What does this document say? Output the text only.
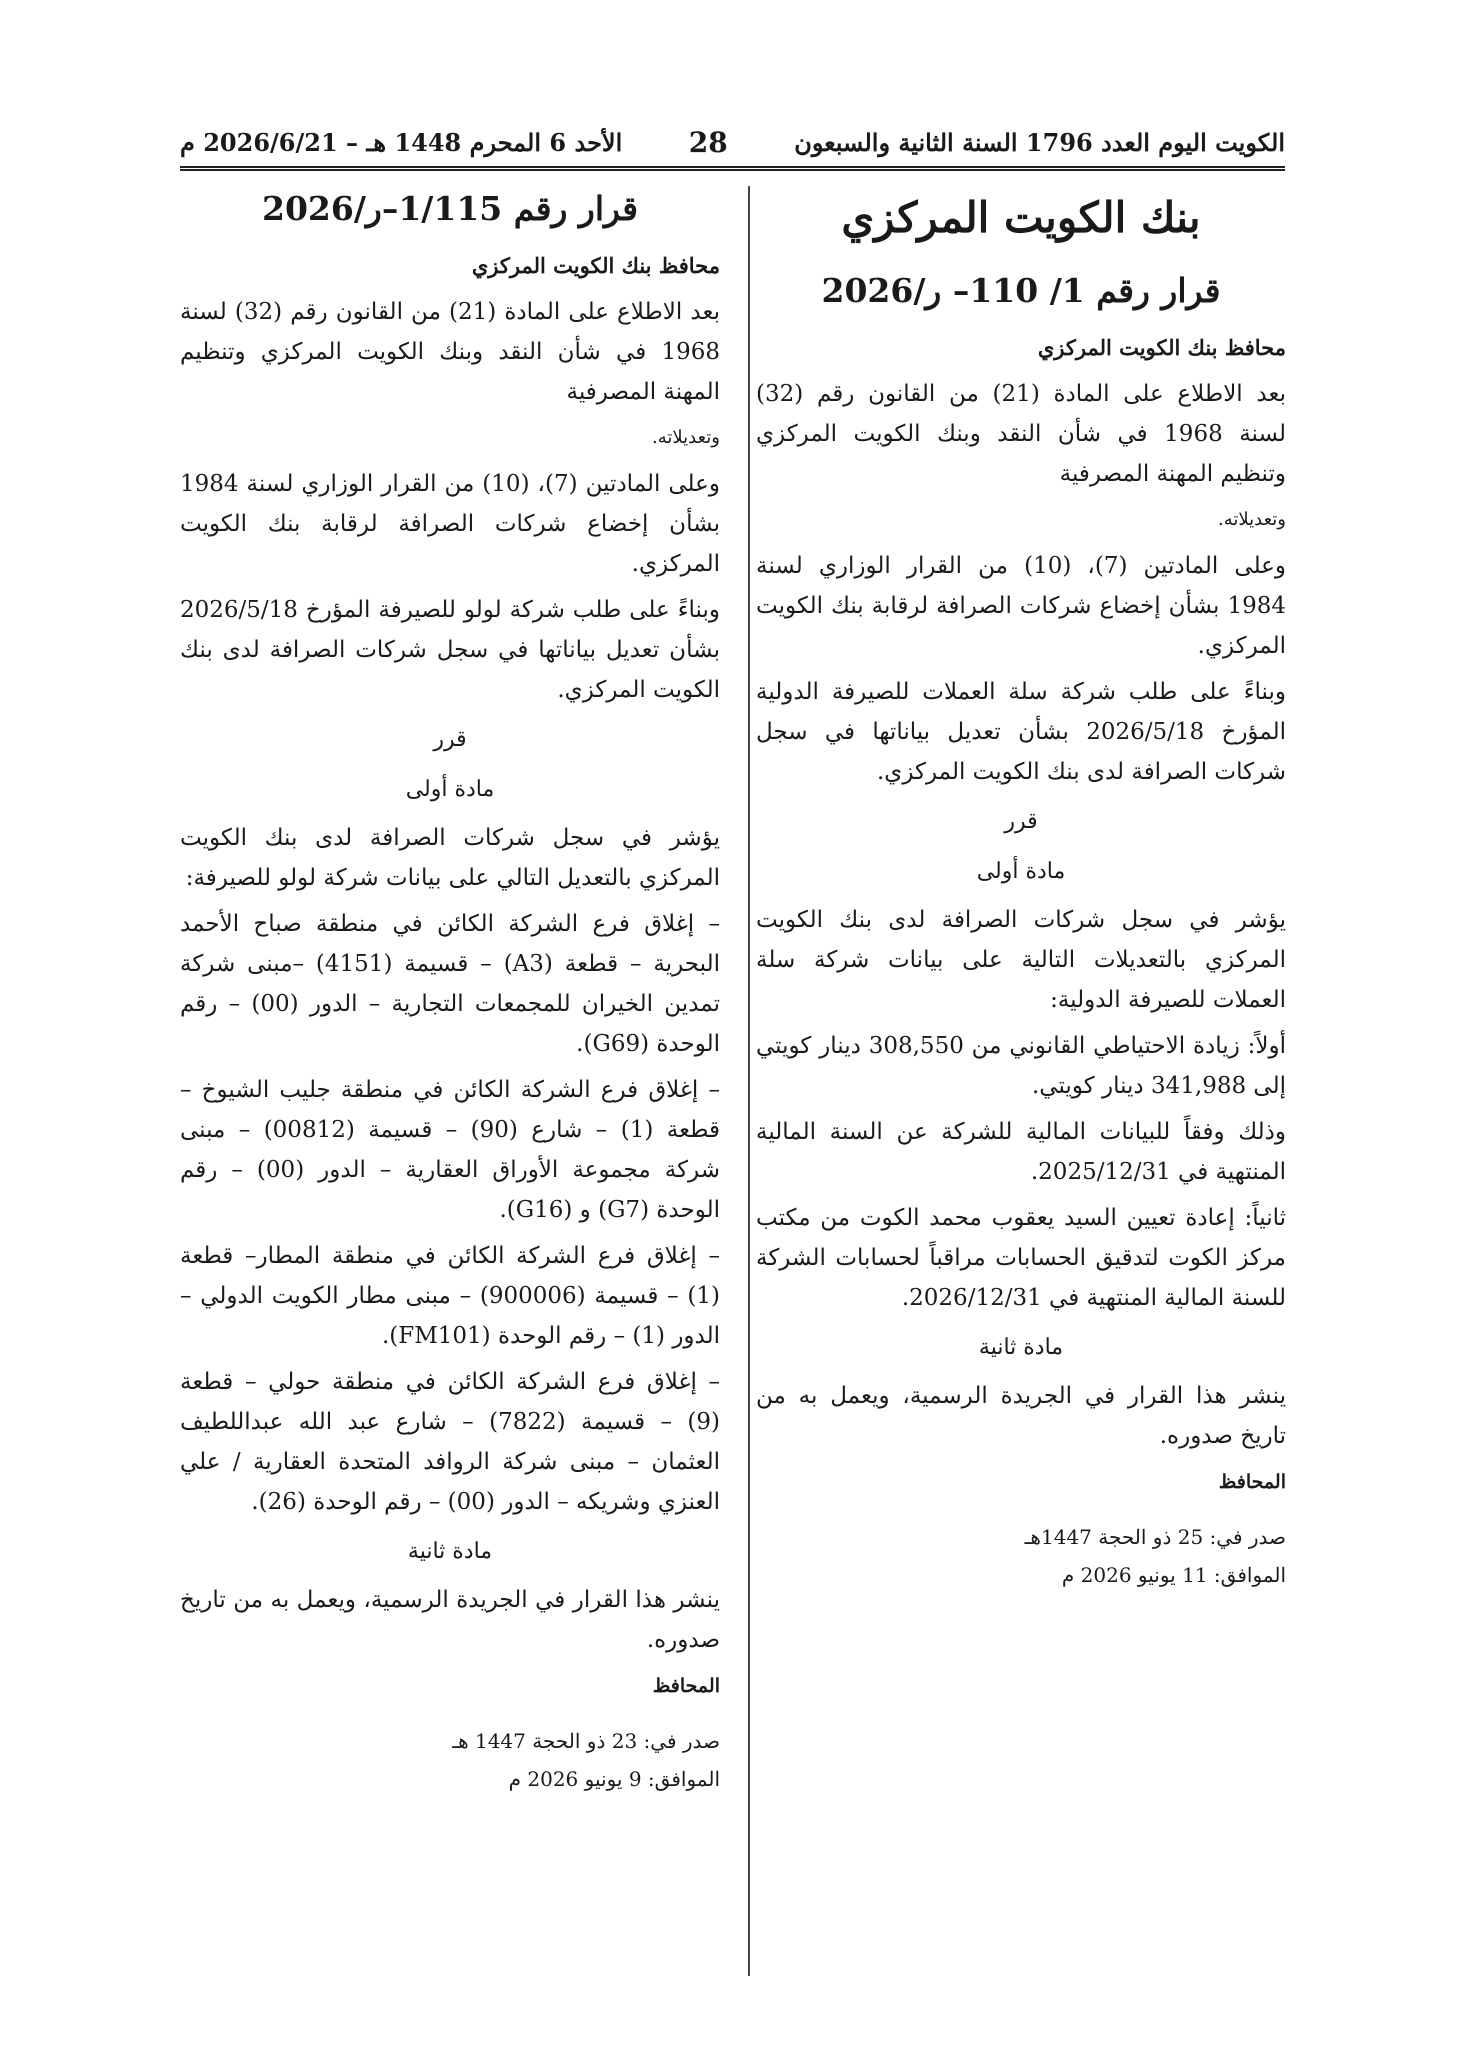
الكويت اليوم العدد 1796 السنة الثانية والسبعون
28
الأحد 6 المحرم 1448 هـ – 2026/6/21 م
بنك الكويت المركزي
قرار رقم 1/ 110– ر/2026

محافظ بنك الكويت المركزي

بعد الاطلاع على المادة (21) من القانون رقم (32) لسنة 1968 في شأن النقد وبنك الكويت المركزي وتنظيم المهنة المصرفية

وتعديلاته.

وعلى المادتين (7)، (10) من القرار الوزاري لسنة 1984 بشأن إخضاع شركات الصرافة لرقابة بنك الكويت المركزي.

وبناءً على طلب شركة سلة العملات للصيرفة الدولية المؤرخ 2026/5/18 بشأن تعديل بياناتها في سجل شركات الصرافة لدى بنك الكويت المركزي.

قرر
مادة أولى

يؤشر في سجل شركات الصرافة لدى بنك الكويت المركزي بالتعديلات التالية على بيانات شركة سلة العملات للصيرفة الدولية:

أولاً: زيادة الاحتياطي القانوني من 308,550 دينار كويتي إلى 341,988 دينار كويتي.

وذلك وفقاً للبيانات المالية للشركة عن السنة المالية المنتهية في 2025/12/31.

ثانياً: إعادة تعيين السيد يعقوب محمد الكوت من مكتب مركز الكوت لتدقيق الحسابات مراقباً لحسابات الشركة للسنة المالية المنتهية في 2026/12/31.

مادة ثانية

ينشر هذا القرار في الجريدة الرسمية، ويعمل به من تاريخ صدوره.

المحافظ

صدر في: 25 ذو الحجة 1447هـ

الموافق: 11 يونيو 2026 م

قرار رقم 1/115–ر/2026

محافظ بنك الكويت المركزي

بعد الاطلاع على المادة (21) من القانون رقم (32) لسنة 1968 في شأن النقد وبنك الكويت المركزي وتنظيم المهنة المصرفية

وتعديلاته.

وعلى المادتين (7)، (10) من القرار الوزاري لسنة 1984 بشأن إخضاع شركات الصرافة لرقابة بنك الكويت المركزي.

وبناءً على طلب شركة لولو للصيرفة المؤرخ 2026/5/18 بشأن تعديل بياناتها في سجل شركات الصرافة لدى بنك الكويت المركزي.

قرر
مادة أولى

يؤشر في سجل شركات الصرافة لدى بنك الكويت المركزي بالتعديل التالي على بيانات شركة لولو للصيرفة:

– إغلاق فرع الشركة الكائن في منطقة صباح الأحمد البحرية – قطعة (A3) – قسيمة (4151) –مبنى شركة تمدين الخيران للمجمعات التجارية – الدور (00) – رقم الوحدة (G69).

– إغلاق فرع الشركة الكائن في منطقة جليب الشيوخ – قطعة (1) – شارع (90) – قسيمة (00812) – مبنى شركة مجموعة الأوراق العقارية – الدور (00) – رقم الوحدة (G7) و (G16).

– إغلاق فرع الشركة الكائن في منطقة المطار– قطعة (1) – قسيمة (900006) – مبنى مطار الكويت الدولي – الدور (1) – رقم الوحدة (FM101).

– إغلاق فرع الشركة الكائن في منطقة حولي – قطعة (9) – قسيمة (7822) – شارع عبد الله عبداللطيف العثمان – مبنى شركة الروافد المتحدة العقارية / علي العنزي وشريكه – الدور (00) – رقم الوحدة (26).

مادة ثانية

ينشر هذا القرار في الجريدة الرسمية، ويعمل به من تاريخ صدوره.

المحافظ

صدر في: 23 ذو الحجة 1447 هـ

الموافق: 9 يونيو 2026 م
